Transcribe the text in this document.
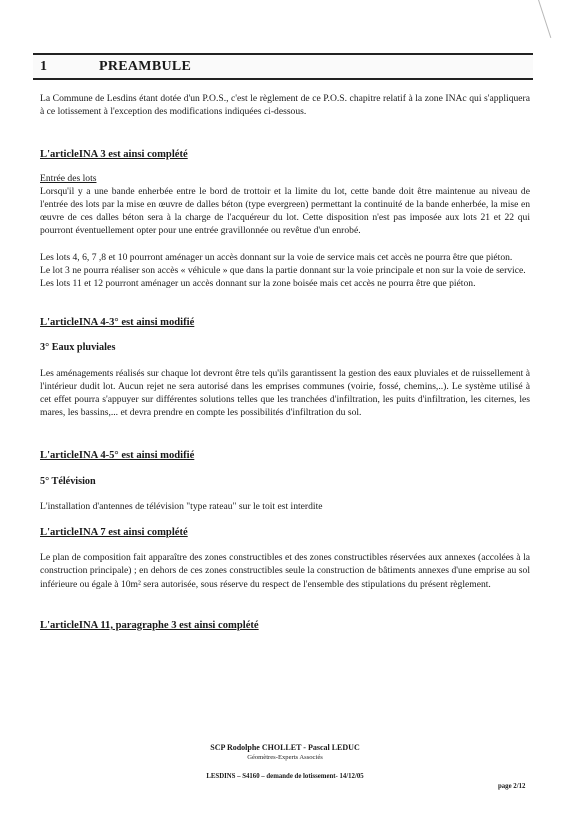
1	PREAMBULE

La Commune de Lesdins étant dotée d'un P.O.S., c'est le règlement de ce P.O.S. chapitre relatif à la zone INAc qui s'appliquera à ce lotissement à l'exception des modifications indiquées ci-dessous.

L'articleINA 3 est ainsi complété

Entrée des lots

Lorsqu'il y a une bande enherbée entre le bord de trottoir et la limite du lot, cette bande doit être maintenue au niveau de l'entrée des lots par la mise en œuvre de dalles béton (type evergreen) permettant la continuité de la bande enherbée, la mise en œuvre de ces dalles béton sera à la charge de l'acquéreur du lot. Cette disposition n'est pas imposée aux lots 21 et 22 qui pourront éventuellement opter pour une entrée gravillonnée ou revêtue d'un enrobé.

Les lots 4, 6, 7 ,8 et 10 pourront aménager un accès donnant sur la voie de service mais cet accès ne pourra être que piéton.

Le lot 3 ne pourra réaliser son accès « véhicule » que dans la partie donnant sur la voie principale et non sur la voie de service.

Les lots 11 et 12 pourront aménager un accès donnant sur la zone boisée mais cet accès ne pourra être que piéton.

L'articleINA 4-3° est ainsi modifié

3° Eaux pluviales

Les aménagements réalisés sur chaque lot devront être tels qu'ils garantissent la gestion des eaux pluviales et de ruissellement à l'intérieur dudit lot. Aucun rejet ne sera autorisé dans les emprises communes (voirie, fossé, chemins,..). Le système utilisé à cet effet pourra s'appuyer sur différentes solutions telles que les tranchées d'infiltration, les puits d'infiltration, les citernes, les mares, les bassins,... et devra prendre en compte les possibilités d'infiltration du sol.

L'articleINA 4-5° est ainsi modifié

5° Télévision

L'installation d'antennes de télévision "type rateau" sur le toit est interdite

L'articleINA 7 est ainsi complété

Le plan de composition fait apparaître des zones constructibles et des zones constructibles réservées aux annexes (accolées à la construction principale) ; en dehors de ces zones constructibles seule la construction de bâtiments annexes d'une emprise au sol inférieure ou égale à 10m² sera autorisée, sous réserve du respect de l'ensemble des stipulations du présent règlement.

L'articleINA 11, paragraphe 3 est ainsi complété

SCP Rodolphe CHOLLET - Pascal LEDUC
Géomètres-Experts Associés
LESDINS – S4160 – demande de lotissement- 14/12/05
page 2/12
